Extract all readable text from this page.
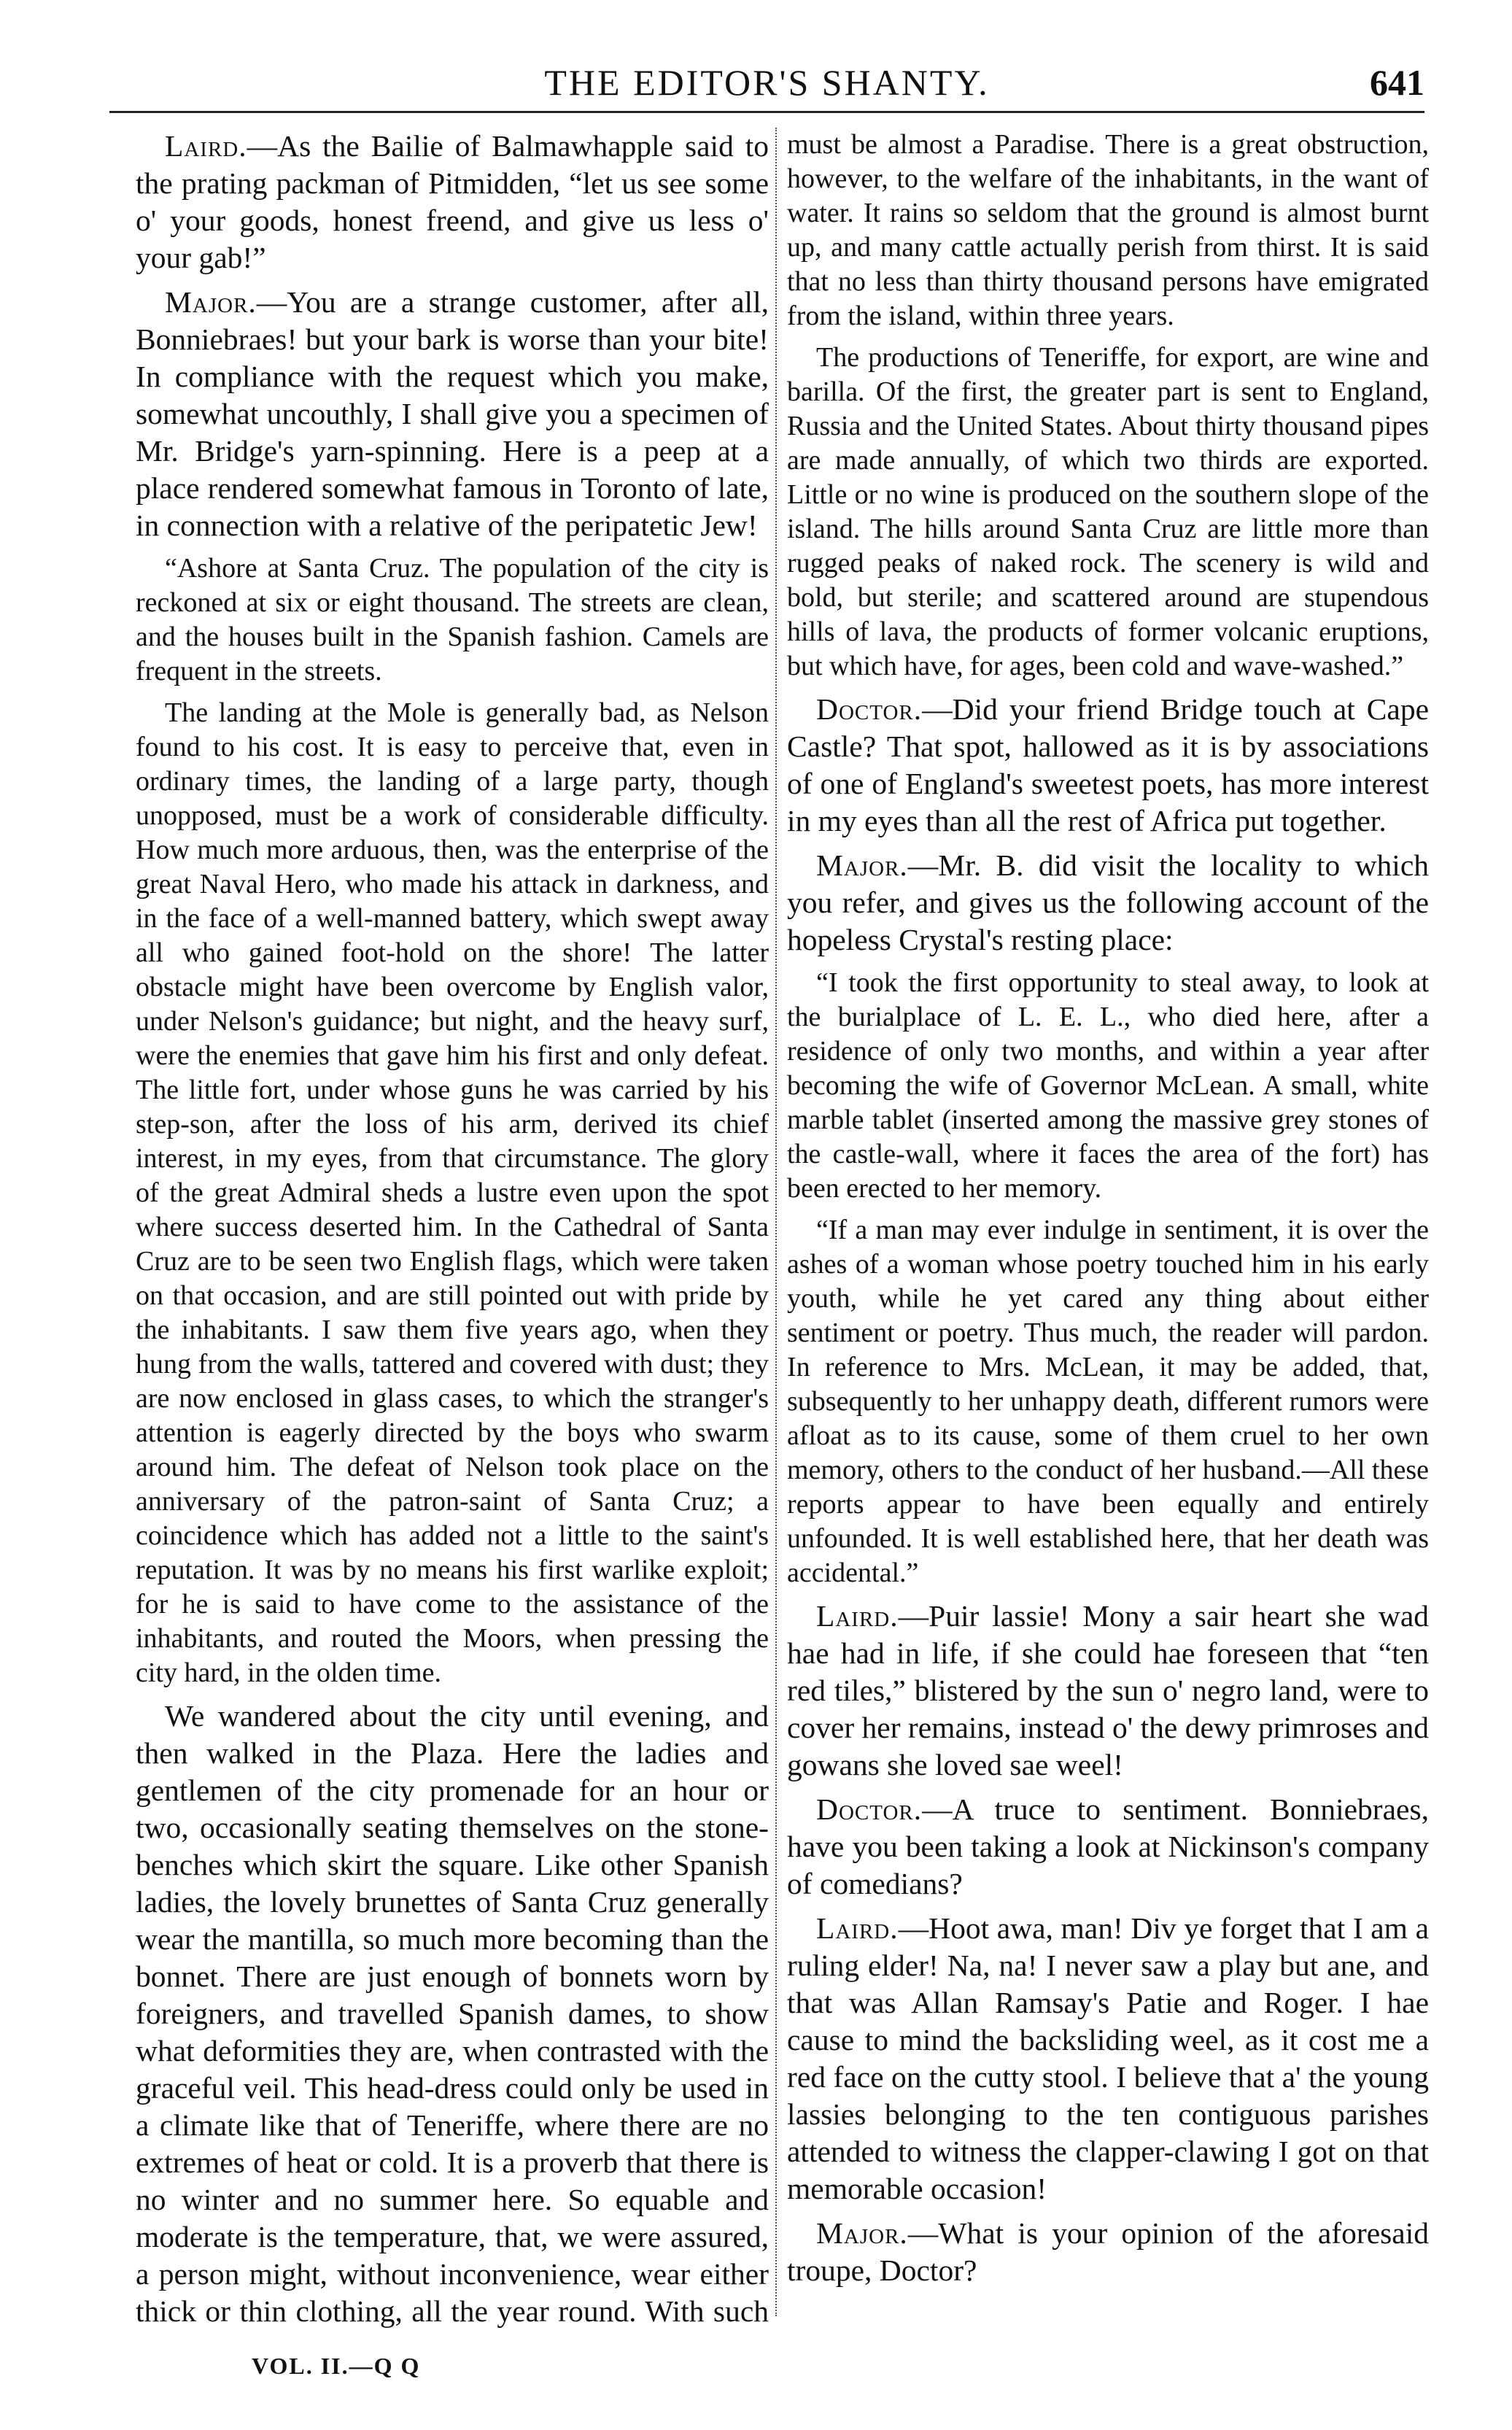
THE EDITOR'S SHANTY.	641

Laird.—As the Bailie of Balmawhapple said to the prating packman of Pitmidden, “let us see some o' your goods, honest freend, and give us less o' your gab!”

Major.—You are a strange customer, after all, Bonniebraes! but your bark is worse than your bite! In compliance with the request which you make, somewhat uncouthly, I shall give you a specimen of Mr. Bridge's yarn-spinning. Here is a peep at a place rendered somewhat famous in Toronto of late, in connection with a relative of the peripatetic Jew!

“Ashore at Santa Cruz. The population of the city is reckoned at six or eight thousand. The streets are clean, and the houses built in the Spanish fashion. Camels are frequent in the streets.

The landing at the Mole is generally bad, as Nelson found to his cost. It is easy to perceive that, even in ordinary times, the landing of a large party, though unopposed, must be a work of considerable difficulty. How much more arduous, then, was the enterprise of the great Naval Hero, who made his attack in darkness, and in the face of a well-manned battery, which swept away all who gained foot-hold on the shore! The latter obstacle might have been overcome by English valor, under Nelson's guidance; but night, and the heavy surf, were the enemies that gave him his first and only defeat. The little fort, under whose guns he was carried by his step-son, after the loss of his arm, derived its chief interest, in my eyes, from that circumstance. The glory of the great Admiral sheds a lustre even upon the spot where success deserted him. In the Cathedral of Santa Cruz are to be seen two English flags, which were taken on that occasion, and are still pointed out with pride by the inhabitants. I saw them five years ago, when they hung from the walls, tattered and covered with dust; they are now enclosed in glass cases, to which the stranger's attention is eagerly directed by the boys who swarm around him. The defeat of Nelson took place on the anniversary of the patron-saint of Santa Cruz; a coincidence which has added not a little to the saint's reputation. It was by no means his first warlike exploit; for he is said to have come to the assistance of the inhabitants, and routed the Moors, when pressing the city hard, in the olden time.

We wandered about the city until evening, and then walked in the Plaza. Here the ladies and gentlemen of the city promenade for an hour or two, occasionally seating themselves on the stone-benches which skirt the square. Like other Spanish ladies, the lovely brunettes of Santa Cruz generally wear the mantilla, so much more becoming than the bonnet. There are just enough of bonnets worn by foreigners, and travelled Spanish dames, to show what deformities they are, when contrasted with the graceful veil. This head-dress could only be used in a climate like that of Teneriffe, where there are no extremes of heat or cold. It is a proverb that there is no winter and no summer here. So equable and moderate is the temperature, that, we were assured, a person might, without inconvenience, wear either thick or thin clothing, all the year round. With such

must be almost a Paradise. There is a great obstruction, however, to the welfare of the inhabitants, in the want of water. It rains so seldom that the ground is almost burnt up, and many cattle actually perish from thirst. It is said that no less than thirty thousand persons have emigrated from the island, within three years.

The productions of Teneriffe, for export, are wine and barilla. Of the first, the greater part is sent to England, Russia and the United States. About thirty thousand pipes are made annually, of which two thirds are exported. Little or no wine is produced on the southern slope of the island. The hills around Santa Cruz are little more than rugged peaks of naked rock. The scenery is wild and bold, but sterile; and scattered around are stupendous hills of lava, the products of former volcanic eruptions, but which have, for ages, been cold and wave-washed.”

Doctor.—Did your friend Bridge touch at Cape Castle? That spot, hallowed as it is by associations of one of England's sweetest poets, has more interest in my eyes than all the rest of Africa put together.

Major.—Mr. B. did visit the locality to which you refer, and gives us the following account of the hopeless Crystal's resting place:

“I took the first opportunity to steal away, to look at the burialplace of L. E. L., who died here, after a residence of only two months, and within a year after becoming the wife of Governor McLean. A small, white marble tablet (inserted among the massive grey stones of the castle-wall, where it faces the area of the fort) has been erected to her memory.

“If a man may ever indulge in sentiment, it is over the ashes of a woman whose poetry touched him in his early youth, while he yet cared any thing about either sentiment or poetry. Thus much, the reader will pardon. In reference to Mrs. McLean, it may be added, that, subsequently to her unhappy death, different rumors were afloat as to its cause, some of them cruel to her own memory, others to the conduct of her husband.—All these reports appear to have been equally and entirely unfounded. It is well established here, that her death was accidental.”

Laird.—Puir lassie! Mony a sair heart she wad hae had in life, if she could hae foreseen that “ten red tiles,” blistered by the sun o' negro land, were to cover her remains, instead o' the dewy primroses and gowans she loved sae weel!

Doctor.—A truce to sentiment. Bonniebraes, have you been taking a look at Nickinson's company of comedians?

Laird.—Hoot awa, man! Div ye forget that I am a ruling elder! Na, na! I never saw a play but ane, and that was Allan Ramsay's Patie and Roger. I hae cause to mind the backsliding weel, as it cost me a red face on the cutty stool. I believe that a' the young lassies belonging to the ten contiguous parishes attended to witness the clapper-clawing I got on that memorable occasion!

Major.—What is your opinion of the aforesaid troupe, Doctor?

VOL. II.—Q Q
